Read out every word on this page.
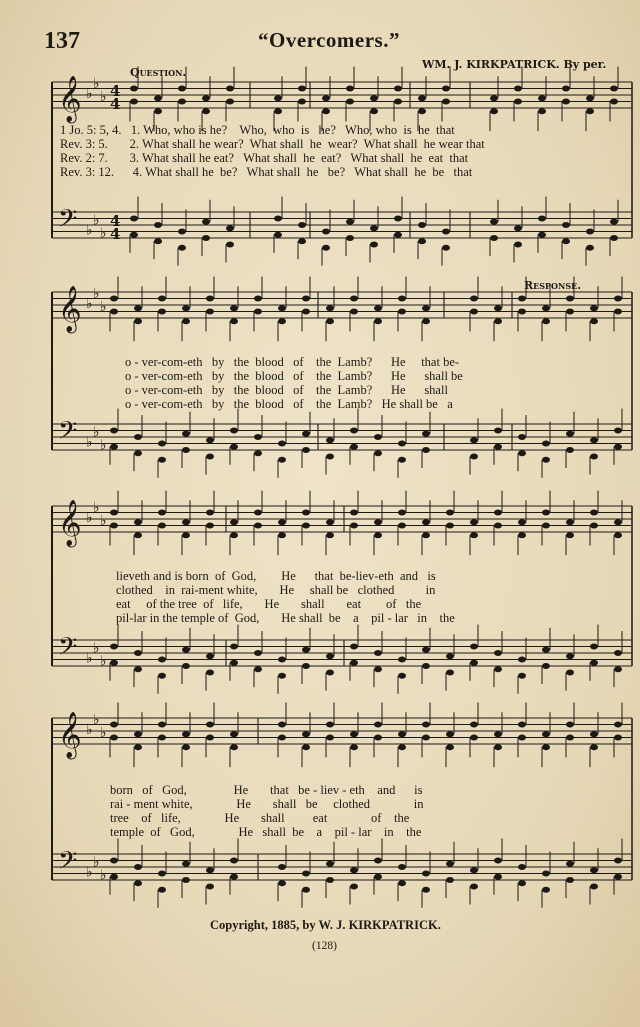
137	“Overcomers.”
Question.
WM. J. KIRKPATRICK. By per.
Response.
𝄞
𝄢
♭
♭
♭
♭
♭
♭
4
4
4
4
𝄞
𝄢
♭
♭
♭
♭
♭
♭
𝄞
𝄢
♭
♭
♭
♭
♭
♭
𝄞
𝄢
♭
♭
♭
♭
♭
♭
1 Jo. 5: 5, 4.   1. Who, who is he?    Who,  who  is   he?   Who, who  is  he  that
Rev. 3: 5.       2. What shall he wear?  What shall  he  wear?  What shall  he wear that
Rev. 2: 7.       3. What shall he eat?   What shall  he  eat?   What shall  he  eat  that
Rev. 3: 12.      4. What shall he  be?   What shall  he   be?   What shall  he  be   that
o - ver-com-eth   by   the  blood   of    the  Lamb?      He     that be-
o - ver-com-eth   by   the  blood   of    the  Lamb?      He      shall be
o - ver-com-eth   by   the  blood   of    the  Lamb?      He      shall
o - ver-com-eth   by   the  blood   of    the  Lamb?   He shall be   a
lieveth and is born  of  God,        He      that  be-liev-eth  and   is
clothed    in  rai-ment white,       He     shall be   clothed          in
eat     of the tree  of   life,       He       shall       eat        of   the
pil-lar in the temple of  God,       He shall  be    a    pil - lar   in    the
born   of   God,               He       that   be - liev - eth    and      is
rai - ment white,              He       shall   be     clothed              in
tree    of   life,              He       shall         eat              of    the
temple  of   God,              He   shall  be    a    pil - lar    in    the
Copyright, 1885, by W. J. KIRKPATRICK.
(128)
